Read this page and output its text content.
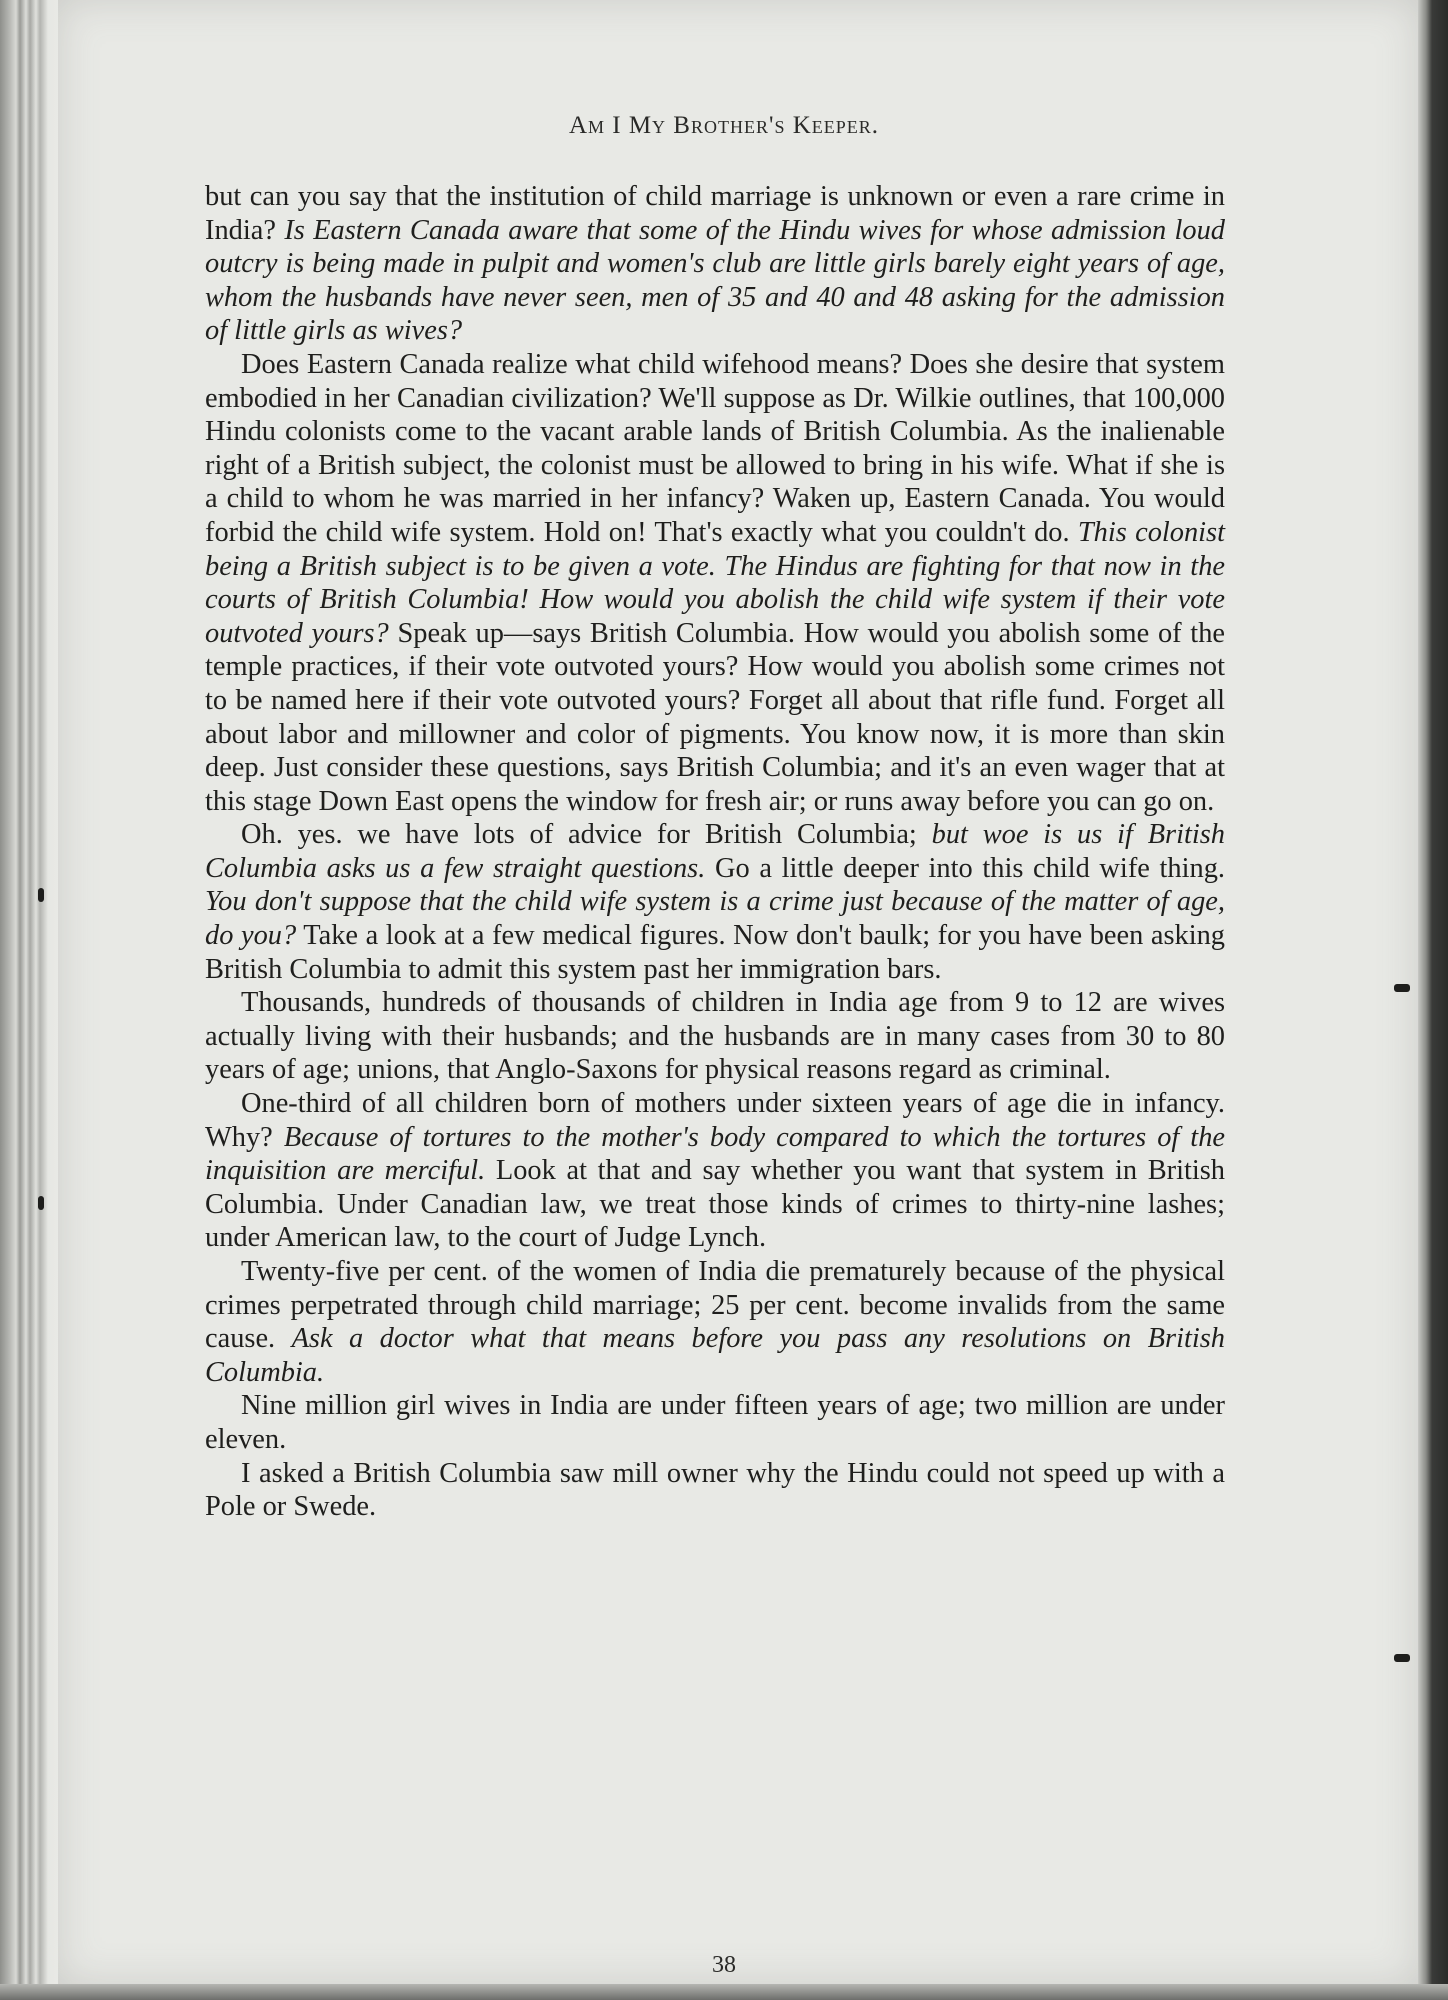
Am I My Brother's Keeper.

but can you say that the institution of child marriage is unknown or even a rare crime in India? Is Eastern Canada aware that some of the Hindu wives for whose admission loud outcry is being made in pulpit and women's club are little girls barely eight years of age, whom the husbands have never seen, men of 35 and 40 and 48 asking for the admission of little girls as wives?

Does Eastern Canada realize what child wifehood means? Does she desire that system embodied in her Canadian civilization? We'll suppose as Dr. Wilkie outlines, that 100,000 Hindu colonists come to the vacant arable lands of British Columbia. As the inalienable right of a British subject, the colonist must be allowed to bring in his wife. What if she is a child to whom he was married in her infancy? Waken up, Eastern Canada. You would forbid the child wife system. Hold on! That's exactly what you couldn't do. This colonist being a British subject is to be given a vote. The Hindus are fighting for that now in the courts of British Columbia! How would you abolish the child wife system if their vote outvoted yours? Speak up—says British Columbia. How would you abolish some of the temple practices, if their vote outvoted yours? How would you abolish some crimes not to be named here if their vote outvoted yours? Forget all about that rifle fund. Forget all about labor and millowner and color of pigments. You know now, it is more than skin deep. Just consider these questions, says British Columbia; and it's an even wager that at this stage Down East opens the window for fresh air; or runs away before you can go on.

Oh. yes. we have lots of advice for British Columbia; but woe is us if British Columbia asks us a few straight questions. Go a little deeper into this child wife thing. You don't suppose that the child wife system is a crime just because of the matter of age, do you? Take a look at a few medical figures. Now don't baulk; for you have been asking British Columbia to admit this system past her immigration bars.

Thousands, hundreds of thousands of children in India age from 9 to 12 are wives actually living with their husbands; and the husbands are in many cases from 30 to 80 years of age; unions, that Anglo-Saxons for physical reasons regard as criminal.

One-third of all children born of mothers under sixteen years of age die in infancy. Why? Because of tortures to the mother's body compared to which the tortures of the inquisition are merciful. Look at that and say whether you want that system in British Columbia. Under Canadian law, we treat those kinds of crimes to thirty-nine lashes; under American law, to the court of Judge Lynch.

Twenty-five per cent. of the women of India die prematurely because of the physical crimes perpetrated through child marriage; 25 per cent. become invalids from the same cause. Ask a doctor what that means before you pass any resolutions on British Columbia.

Nine million girl wives in India are under fifteen years of age; two million are under eleven.

I asked a British Columbia saw mill owner why the Hindu could not speed up with a Pole or Swede.

38
